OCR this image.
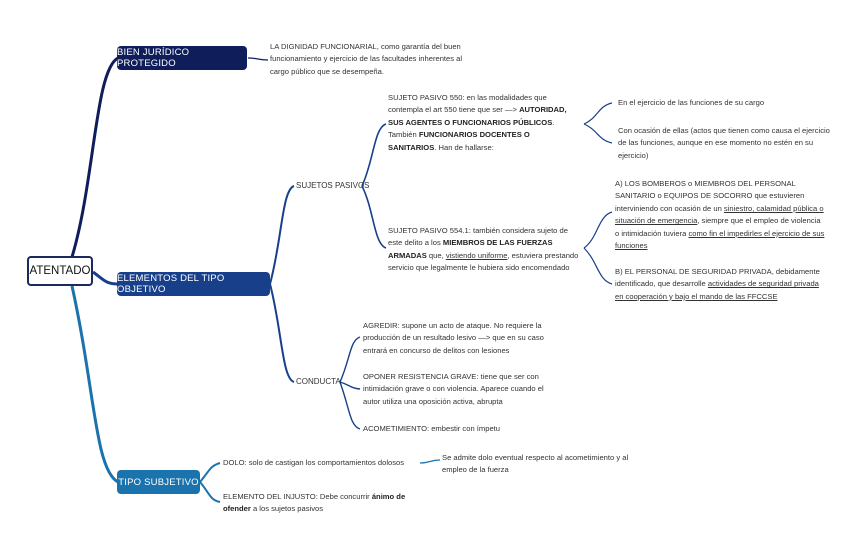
ATENTADO
BIEN JURÍDICO PROTEGIDO
ELEMENTOS DEL TIPO OBJETIVO
TIPO SUBJETIVO
LA DIGNIDAD FUNCIONARIAL, como garantía del buen funcionamiento y ejercicio de las facultades inherentes al cargo público que se desempeña.
SUJETOS PASIVOS
CONDUCTA
SUJETO PASIVO 550: en las modalidades que contempla el art 550 tiene que ser —> AUTORIDAD, SUS AGENTES O FUNCIONARIOS PÚBLICOS. También FUNCIONARIOS DOCENTES O SANITARIOS. Han de hallarse:
En el ejercicio de las funciones de su cargo
Con ocasión de ellas (actos que tienen como causa el ejercicio de las funciones, aunque en ese momento no estén en su ejercicio)
SUJETO PASIVO 554.1: también considera sujeto de este delito a los MIEMBROS DE LAS FUERZAS ARMADAS que, vistiendo uniforme, estuviera prestando servicio que legalmente le hubiera sido encomendado
A) LOS BOMBEROS o MIEMBROS DEL PERSONAL SANITARIO o EQUIPOS DE SOCORRO que estuvieren interviniendo con ocasión de un siniestro, calamidad pública o situación de emergencia, siempre que el empleo de violencia o intimidación tuviera como fin el impedirles el ejercicio de sus funciones
B) EL PERSONAL DE SEGURIDAD PRIVADA, debidamente identificado, que desarrolle actividades de seguridad privada en cooperación y bajo el mando de las FFCCSE
AGREDIR: supone un acto de ataque. No requiere la producción de un resultado lesivo —> que en su caso entrará en concurso de delitos con lesiones
OPONER RESISTENCIA GRAVE: tiene que ser con intimidación grave o con violencia. Aparece cuando el autor utiliza una oposición activa, abrupta
ACOMETIMIENTO: embestir con ímpetu
DOLO: solo de castigan los comportamientos dolosos
Se admite dolo eventual respecto al acometimiento y al empleo de la fuerza
ELEMENTO DEL INJUSTO: Debe concurrir ánimo de ofender a los sujetos pasivos
